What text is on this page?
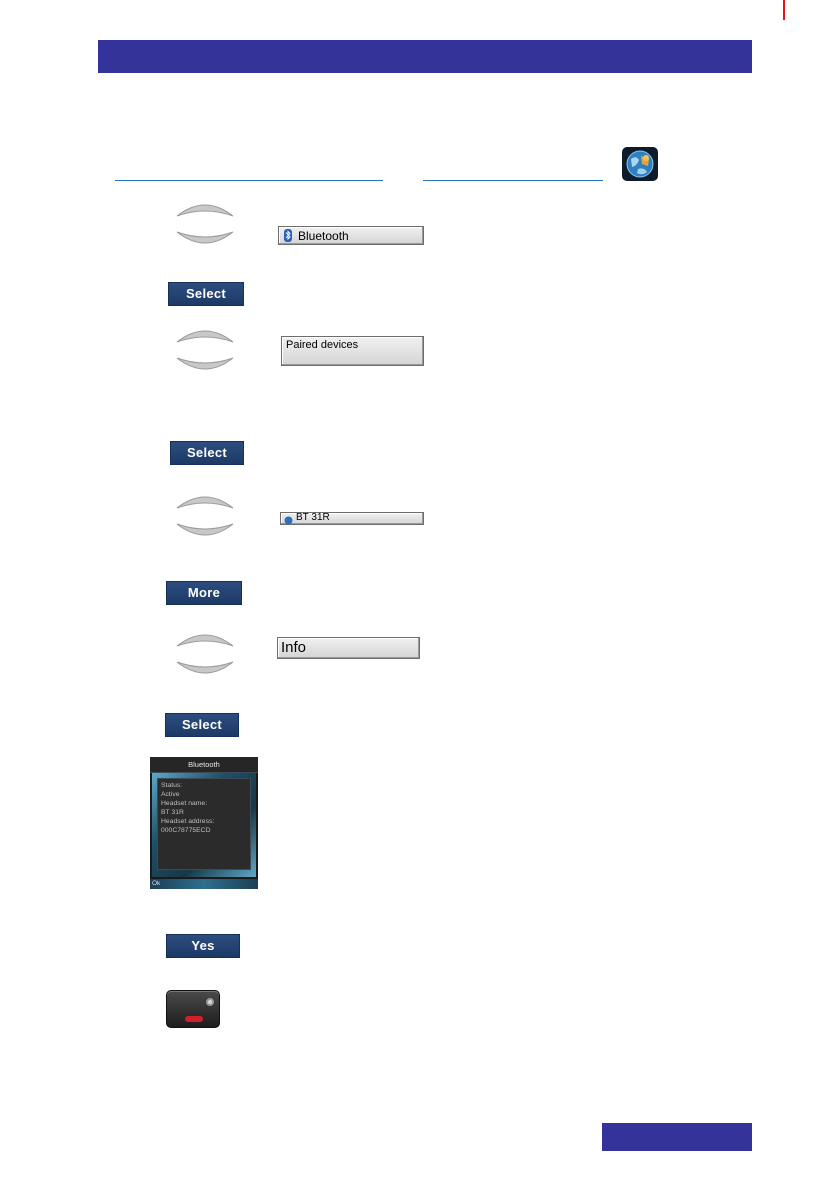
Bluetooth
Select
Paired devices
Select
BT 31R
More
Info
Select
Bluetooth
Status:
Active
Headset name:
BT 31R
Headset address:
000C78775ECD
Ok
Yes
